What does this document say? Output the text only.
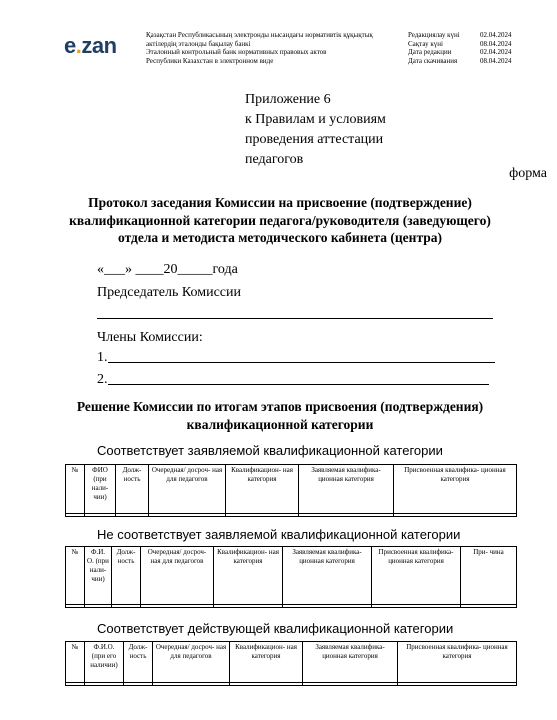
e.zan	Қазақстан Республикасының электронды нысандағы нормативтік құқықтық
актілердің эталонды бақылау банкі
Эталонный контрольный банк нормативных правовых актов
Республики Казахстан в электронном виде
Редакциялау күні	02.04.2024
Сақтау күні	08.04.2024
Дата редакции	02.04.2024
Дата скачивания	08.04.2024
Приложение 6
к Правилам и условиям
проведения аттестации
педагогов
форма
Протокол заседания Комиссии на присвоение (подтверждение) квалификационной категории педагога/руководителя (заведующего) отдела и методиста методического кабинета (центра)
«___» ____20_____года
Председатель Комиссии
Члены Комиссии:
1.
2.
Решение Комиссии по итогам этапов присвоения (подтверждения) квалификационной категории
Соответствует заявляемой квалификационной категории
№	ФИО (при нали- чии)	Долж- ность	Очередная/ досроч- ная для педагогов	Квалификацион- ная категория	Заявляемая квалифика- ционная категория	Присвоенная квалифика- ционная категория

Не соответствует заявляемой квалификационной категории
№	Ф.И. О. (при нали- чии)	Долж- ность	Очередная/ досроч- ная для педагогов	Квалификацион- ная категория	Заявляемая квалифика- ционная категория	Присвоенная квалифика- ционная категория	При- чина

Соответствует действующей квалификационной категории
№	Ф.И.О. (при его наличии)	Долж- ность	Очередная/ досроч- ная для педагогов	Квалификацион- ная категория	Заявляемая квалифика- ционная категория	Присвоенная квалифика- ционная категория
